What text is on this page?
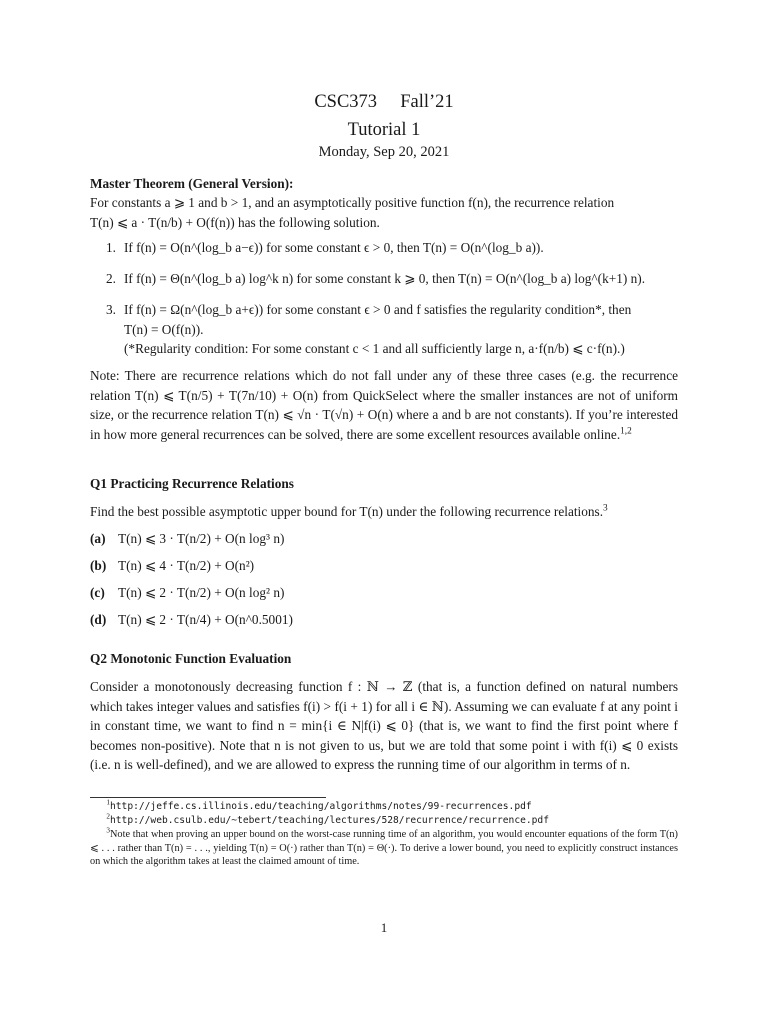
CSC373 Fall’21
Tutorial 1
Monday, Sep 20, 2021
Master Theorem (General Version):
For constants a ⩾ 1 and b > 1, and an asymptotically positive function f(n), the recurrence relation
T(n) ⩽ a · T(n/b) + O(f(n)) has the following solution.
1. If f(n) = O(n^(log_b a−ϵ)) for some constant ϵ > 0, then T(n) = O(n^(log_b a)).
2. If f(n) = Θ(n^(log_b a) log^k n) for some constant k ⩾ 0, then T(n) = O(n^(log_b a) log^(k+1) n).
3. If f(n) = Ω(n^(log_b a+ϵ)) for some constant ϵ > 0 and f satisfies the regularity condition*, then
T(n) = O(f(n)).
(*Regularity condition: For some constant c < 1 and all sufficiently large n, a·f(n/b) ⩽ c·f(n).)
Note: There are recurrence relations which do not fall under any of these three cases (e.g. the recurrence relation T(n) ⩽ T(n/5) + T(7n/10) + O(n) from QuickSelect where the smaller instances are not of uniform size, or the recurrence relation T(n) ⩽ √n · T(√n) + O(n) where a and b are not constants). If you’re interested in how more general recurrences can be solved, there are some excellent resources available online.$^{1,2}$
Q1 Practicing Recurrence Relations
Find the best possible asymptotic upper bound for T(n) under the following recurrence relations.$^3$
(a) T(n) ⩽ 3 · T(n/2) + O(n log³ n)
(b) T(n) ⩽ 4 · T(n/2) + O(n²)
(c) T(n) ⩽ 2 · T(n/2) + O(n log² n)
(d) T(n) ⩽ 2 · T(n/4) + O(n^0.5001)
Q2 Monotonic Function Evaluation
Consider a monotonously decreasing function f : ℕ → ℤ (that is, a function defined on natural numbers which takes integer values and satisfies f(i) > f(i + 1) for all i ∈ ℕ). Assuming we can evaluate f at any point i in constant time, we want to find n = min{i ∈ N|f(i) ⩽ 0} (that is, we want to find the first point where f becomes non-positive). Note that n is not given to us, but we are told that some point i with f(i) ⩽ 0 exists (i.e. n is well-defined), and we are allowed to express the running time of our algorithm in terms of n.
$^1$http://jeffe.cs.illinois.edu/teaching/algorithms/notes/99-recurrences.pdf
$^2$http://web.csulb.edu/~tebert/teaching/lectures/528/recurrence/recurrence.pdf
$^3$Note that when proving an upper bound on the worst-case running time of an algorithm, you would encounter equations of the form T(n) ⩽ . . . rather than T(n) = . . ., yielding T(n) = O(·) rather than T(n) = Θ(·). To derive a lower bound, you need to explicitly construct instances on which the algorithm takes at least the claimed amount of time.
1
